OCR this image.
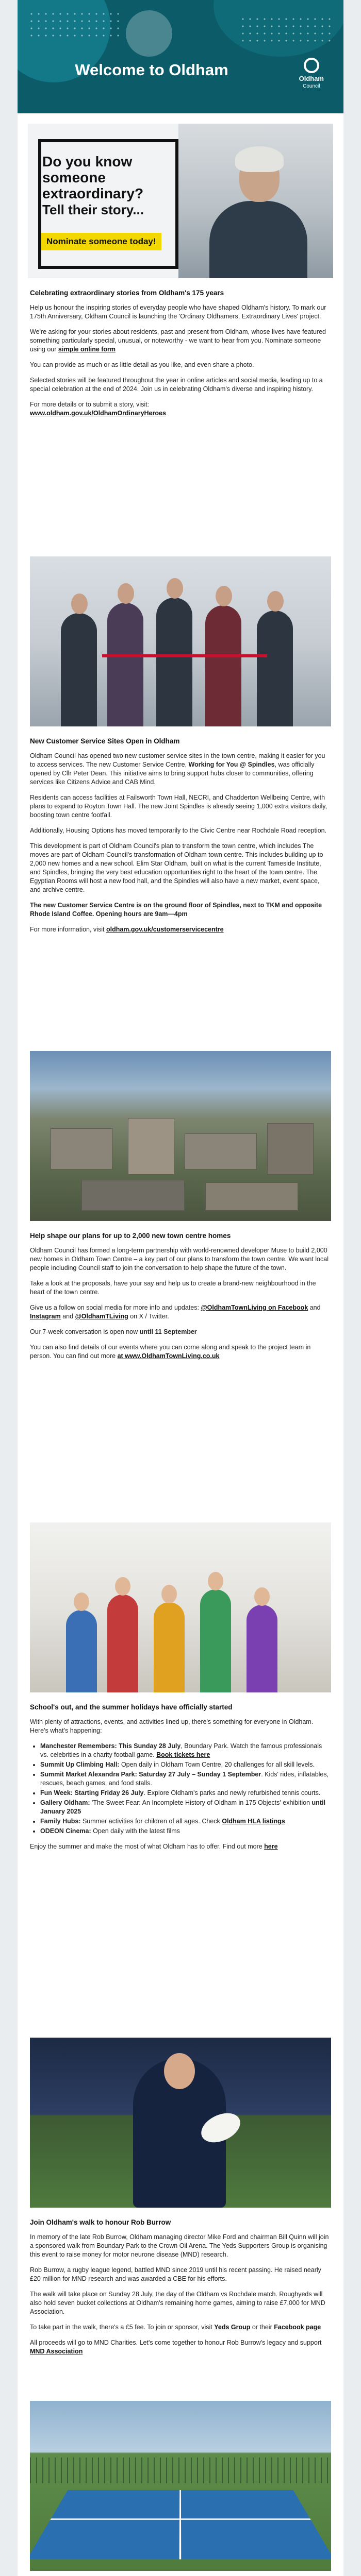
Welcome to Oldham	Oldham
Council
Do you know someone extraordinary?
Tell their story...
Nominate someone today!
Celebrating extraordinary stories from Oldham's 175 years

Help us honour the inspiring stories of everyday people who have shaped Oldham's history. To mark our 175th Anniversary, Oldham Council is launching the 'Ordinary Oldhamers, Extraordinary Lives' project.

We're asking for your stories about residents, past and present from Oldham, whose lives have featured something particularly special, unusual, or noteworthy - we want to hear from you. Nominate someone using our simple online form

You can provide as much or as little detail as you like, and even share a photo.

Selected stories will be featured throughout the year in online articles and social media, leading up to a special celebration at the end of 2024. Join us in celebrating Oldham's diverse and inspiring history.

For more details or to submit a story, visit:
www.oldham.gov.uk/OldhamOrdinaryHeroes

New Customer Service Sites Open in Oldham

Oldham Council has opened two new customer service sites in the town centre, making it easier for you to access services. The new Customer Service Centre, Working for You @ Spindles, was officially opened by Cllr Peter Dean. This initiative aims to bring support hubs closer to communities, offering services like Citizens Advice and CAB Mind.

Residents can access facilities at Failsworth Town Hall, NECRI, and Chadderton Wellbeing Centre, with plans to expand to Royton Town Hall. The new Joint Spindles is already seeing 1,000 extra visitors daily, boosting town centre footfall.

Additionally, Housing Options has moved temporarily to the Civic Centre near Rochdale Road reception.

This development is part of Oldham Council's plan to transform the town centre, which includes The moves are part of Oldham Council's transformation of Oldham town centre. This includes building up to 2,000 new homes and a new school. Elim Star Oldham, built on what is the current Tameside Institute, and Spindles, bringing the very best education opportunities right to the heart of the town centre. The Egyptian Rooms will host a new food hall, and the Spindles will also have a new market, event space, and archive centre.

The new Customer Service Centre is on the ground floor of Spindles, next to TKM and opposite Rhode Island Coffee. Opening hours are 9am—4pm

For more information, visit oldham.gov.uk/customerservicecentre

Help shape our plans for up to 2,000 new town centre homes

Oldham Council has formed a long-term partnership with world-renowned developer Muse to build 2,000 new homes in Oldham Town Centre – a key part of our plans to transform the town centre. We want local people including Council staff to join the conversation to help shape the future of the town.

Take a look at the proposals, have your say and help us to create a brand-new neighbourhood in the heart of the town centre.

Give us a follow on social media for more info and updates: @OldhamTownLiving on Facebook and Instagram and @OldhamTLiving on X / Twitter.

Our 7-week conversation is open now until 11 September

You can also find details of our events where you can come along and speak to the project team in person. You can find out more at www.OldhamTownLiving.co.uk

School's out, and the summer holidays have officially started

With plenty of attractions, events, and activities lined up, there's something for everyone in Oldham. Here's what's happening:

• Manchester Remembers: This Sunday 28 July, Boundary Park. Watch the famous professionals vs. celebrities in a charity football game. Book tickets here
• Summit Up Climbing Hall: Open daily in Oldham Town Centre, 20 challenges for all skill levels.
• Summit Market Alexandra Park: Saturday 27 July – Sunday 1 September. Kids' rides, inflatables, rescues, beach games, and food stalls.
• Fun Week: Starting Friday 26 July. Explore Oldham's parks and newly refurbished tennis courts.
• Gallery Oldham: 'The Sweet Fear: An Incomplete History of Oldham in 175 Objects' exhibition until January 2025
• Family Hubs: Summer activities for children of all ages. Check Oldham HLA listings
• ODEON Cinema: Open daily with the latest films

Enjoy the summer and make the most of what Oldham has to offer. Find out more here

Join Oldham's walk to honour Rob Burrow

In memory of the late Rob Burrow, Oldham managing director Mike Ford and chairman Bill Quinn will join a sponsored walk from Boundary Park to the Crown Oil Arena. The Yeds Supporters Group is organising this event to raise money for motor neurone disease (MND) research.

Rob Burrow, a rugby league legend, battled MND since 2019 until his recent passing. He raised nearly £20 million for MND research and was awarded a CBE for his efforts.

The walk will take place on Sunday 28 July, the day of the Oldham vs Rochdale match. Roughyeds will also hold seven bucket collections at Oldham's remaining home games, aiming to raise £7,000 for MND Association.

To take part in the walk, there's a £5 fee. To join or sponsor, visit Yeds Group or their Facebook page

All proceeds will go to MND Charities. Let's come together to honour Rob Burrow's legacy and support MND Association
